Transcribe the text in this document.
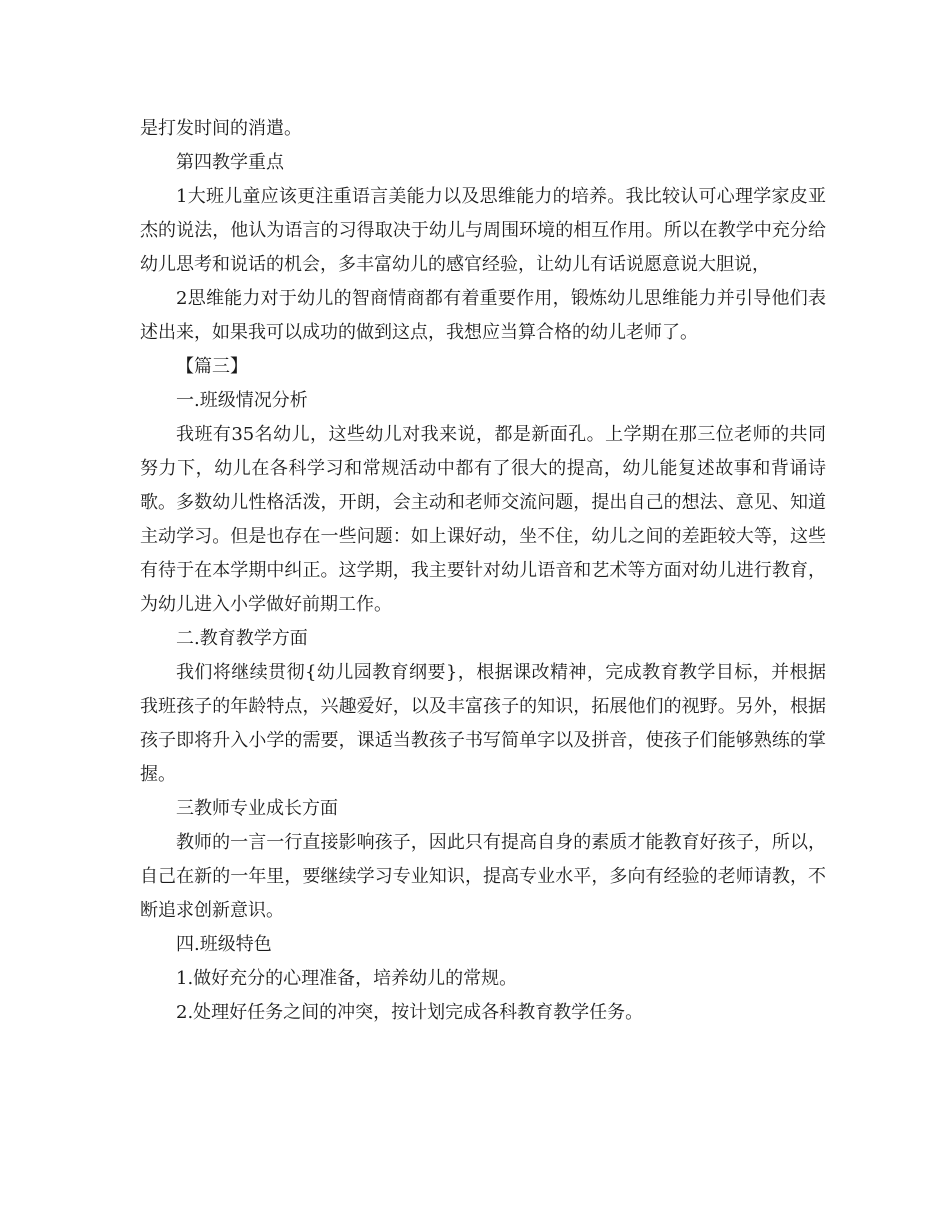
是打发时间的消遣。

第四教学重点

1大班儿童应该更注重语言美能力以及思维能力的培养。我比较认可心理学家皮亚杰的说法，他认为语言的习得取决于幼儿与周围环境的相互作用。所以在教学中充分给幼儿思考和说话的机会，多丰富幼儿的感官经验，让幼儿有话说愿意说大胆说，

2思维能力对于幼儿的智商情商都有着重要作用，锻炼幼儿思维能力并引导他们表述出来，如果我可以成功的做到这点，我想应当算合格的幼儿老师了。

【篇三】

一.班级情况分析

我班有35名幼儿，这些幼儿对我来说，都是新面孔。上学期在那三位老师的共同努力下，幼儿在各科学习和常规活动中都有了很大的提高，幼儿能复述故事和背诵诗歌。多数幼儿性格活泼，开朗，会主动和老师交流问题，提出自己的想法、意见、知道主动学习。但是也存在一些问题：如上课好动，坐不住，幼儿之间的差距较大等，这些有待于在本学期中纠正。这学期，我主要针对幼儿语音和艺术等方面对幼儿进行教育，为幼儿进入小学做好前期工作。

二.教育教学方面

我们将继续贯彻{幼儿园教育纲要}，根据课改精神，完成教育教学目标，并根据我班孩子的年龄特点，兴趣爱好，以及丰富孩子的知识，拓展他们的视野。另外，根据孩子即将升入小学的需要，课适当教孩子书写简单字以及拼音，使孩子们能够熟练的掌握。

三教师专业成长方面

教师的一言一行直接影响孩子，因此只有提高自身的素质才能教育好孩子，所以，自己在新的一年里，要继续学习专业知识，提高专业水平，多向有经验的老师请教，不断追求创新意识。

四.班级特色

1.做好充分的心理准备，培养幼儿的常规。

2.处理好任务之间的冲突，按计划完成各科教育教学任务。
